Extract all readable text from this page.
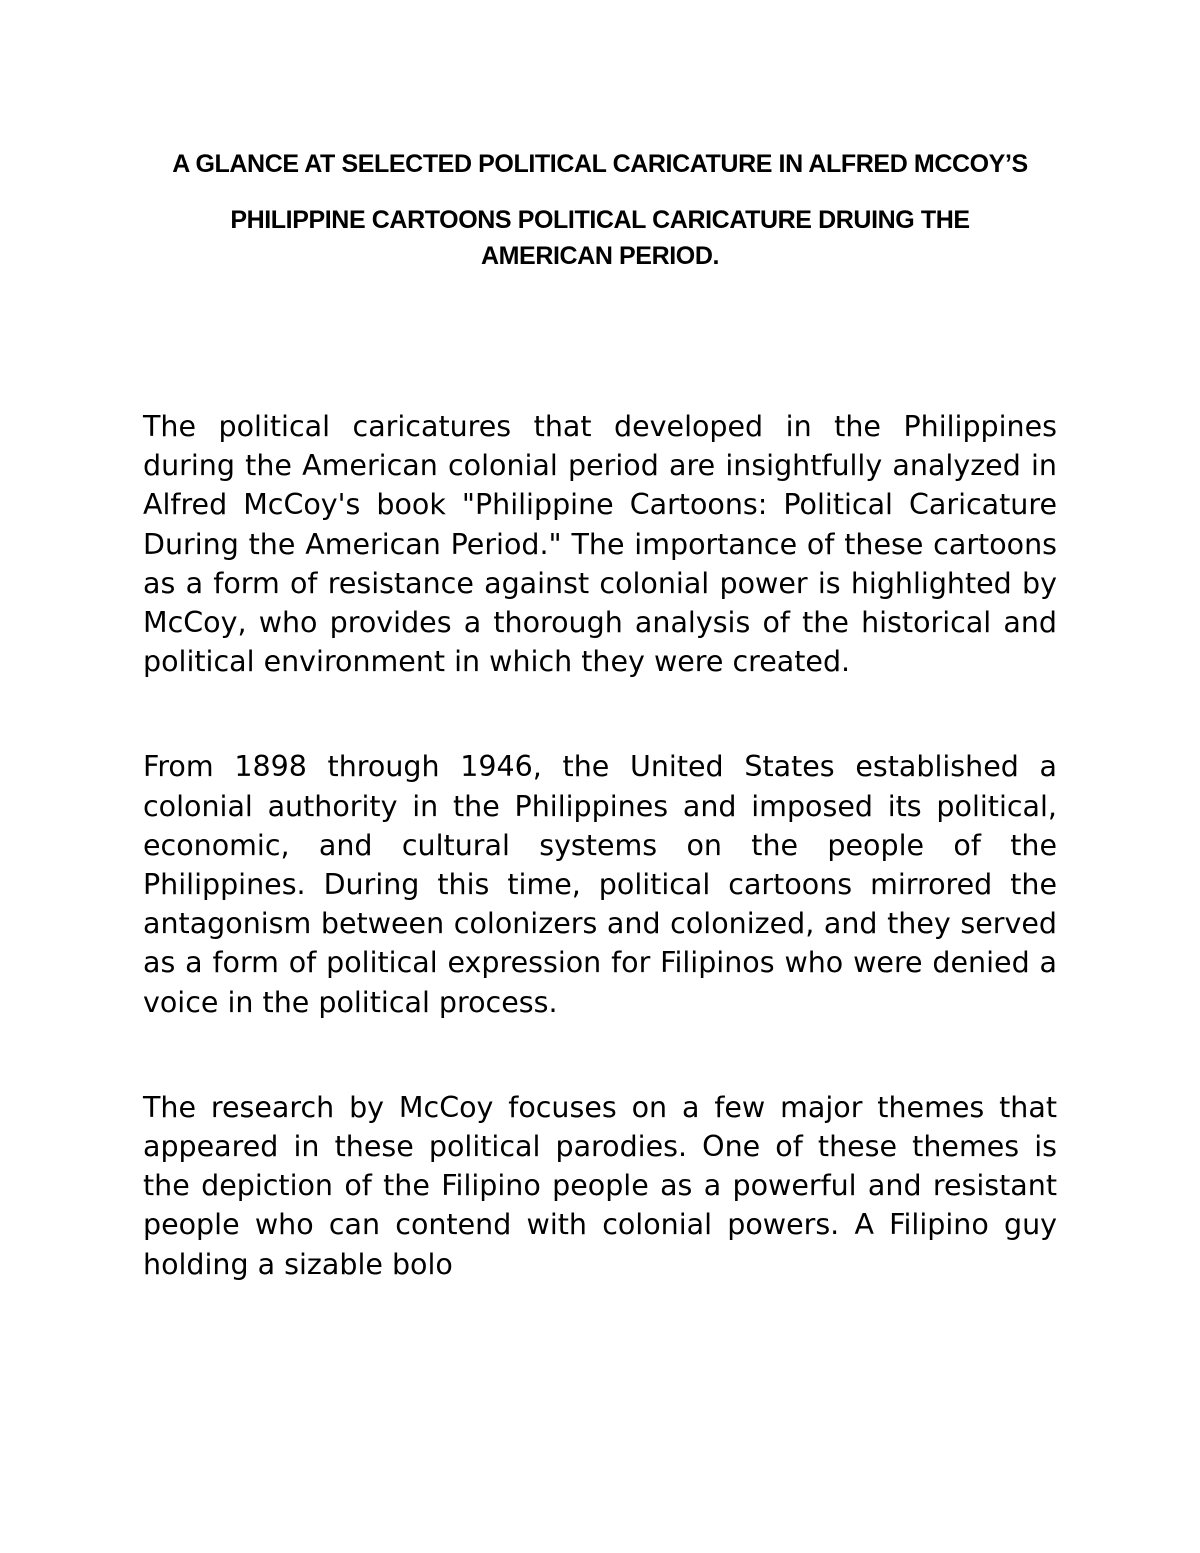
A GLANCE AT SELECTED POLITICAL CARICATURE IN ALFRED MCCOY’S
PHILIPPINE CARTOONS POLITICAL CARICATURE DRUING THE
AMERICAN PERIOD.

The political caricatures that developed in the Philippines during the American colonial period are insightfully analyzed in Alfred McCoy's book "Philippine Cartoons: Political Caricature During the American Period." The importance of these cartoons as a form of resistance against colonial power is highlighted by McCoy, who provides a thorough analysis of the historical and political environment in which they were created.

From 1898 through 1946, the United States established a colonial authority in the Philippines and imposed its political, economic, and cultural systems on the people of the Philippines. During this time, political cartoons mirrored the antagonism between colonizers and colonized, and they served as a form of political expression for Filipinos who were denied a voice in the political process.

The research by McCoy focuses on a few major themes that appeared in these political parodies. One of these themes is the depiction of the Filipino people as a powerful and resistant people who can contend with colonial powers. A Filipino guy holding a sizable bolo
